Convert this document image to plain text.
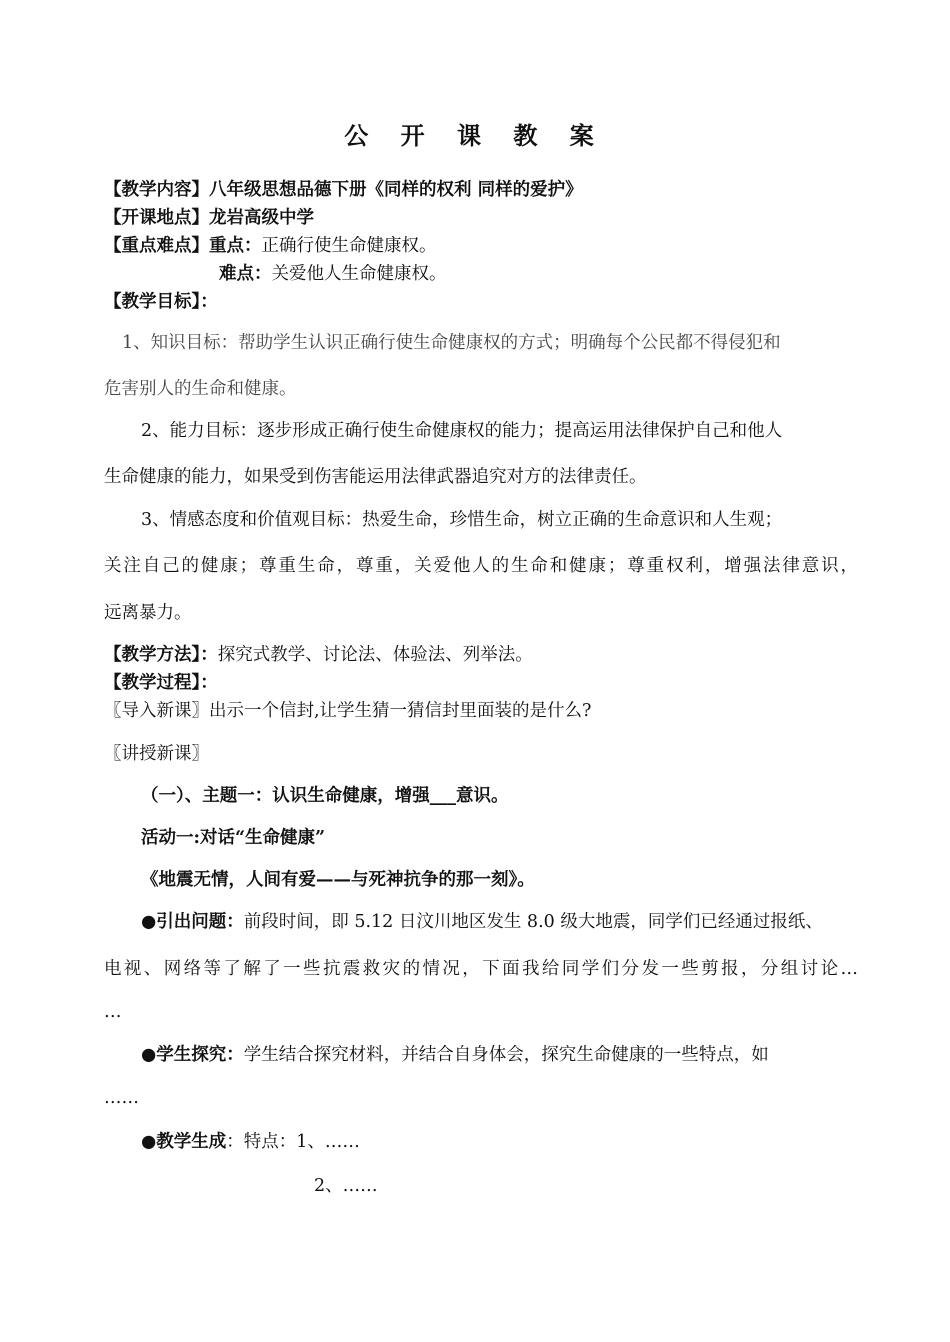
公 开 课 教 案
【教学内容】八年级思想品德下册《同样的权利 同样的爱护》
【开课地点】龙岩高级中学
【重点难点】重点：正确行使生命健康权。
难点：关爱他人生命健康权。
【教学目标】：
1、知识目标：帮助学生认识正确行使生命健康权的方式；明确每个公民都不得侵犯和
危害别人的生命和健康。
2、能力目标：逐步形成正确行使生命健康权的能力；提高运用法律保护自己和他人
生命健康的能力，如果受到伤害能运用法律武器追究对方的法律责任。
3、情感态度和价值观目标：热爱生命，珍惜生命，树立正确的生命意识和人生观；
关注自己的健康；尊重生命，尊重，关爱他人的生命和健康；尊重权利，增强法律意识，
远离暴力。
【教学方法】：探究式教学、讨论法、体验法、列举法。
【教学过程】：
〖导入新课〗出示一个信封,让学生猜一猜信封里面装的是什么?
〖讲授新课〗
（一）、主题一：认识生命健康，增强___意识。
活动一:对话“生命健康”
《地震无情，人间有爱——与死神抗争的那一刻》。
●引出问题：前段时间，即 5.12 日汶川地区发生 8.0 级大地震，同学们已经通过报纸、
电视、网络等了解了一些抗震救灾的情况，下面我给同学们分发一些剪报，分组讨论…
…
●学生探究：学生结合探究材料，并结合自身体会，探究生命健康的一些特点，如
……
●教学生成：特点：1、……
2、……
